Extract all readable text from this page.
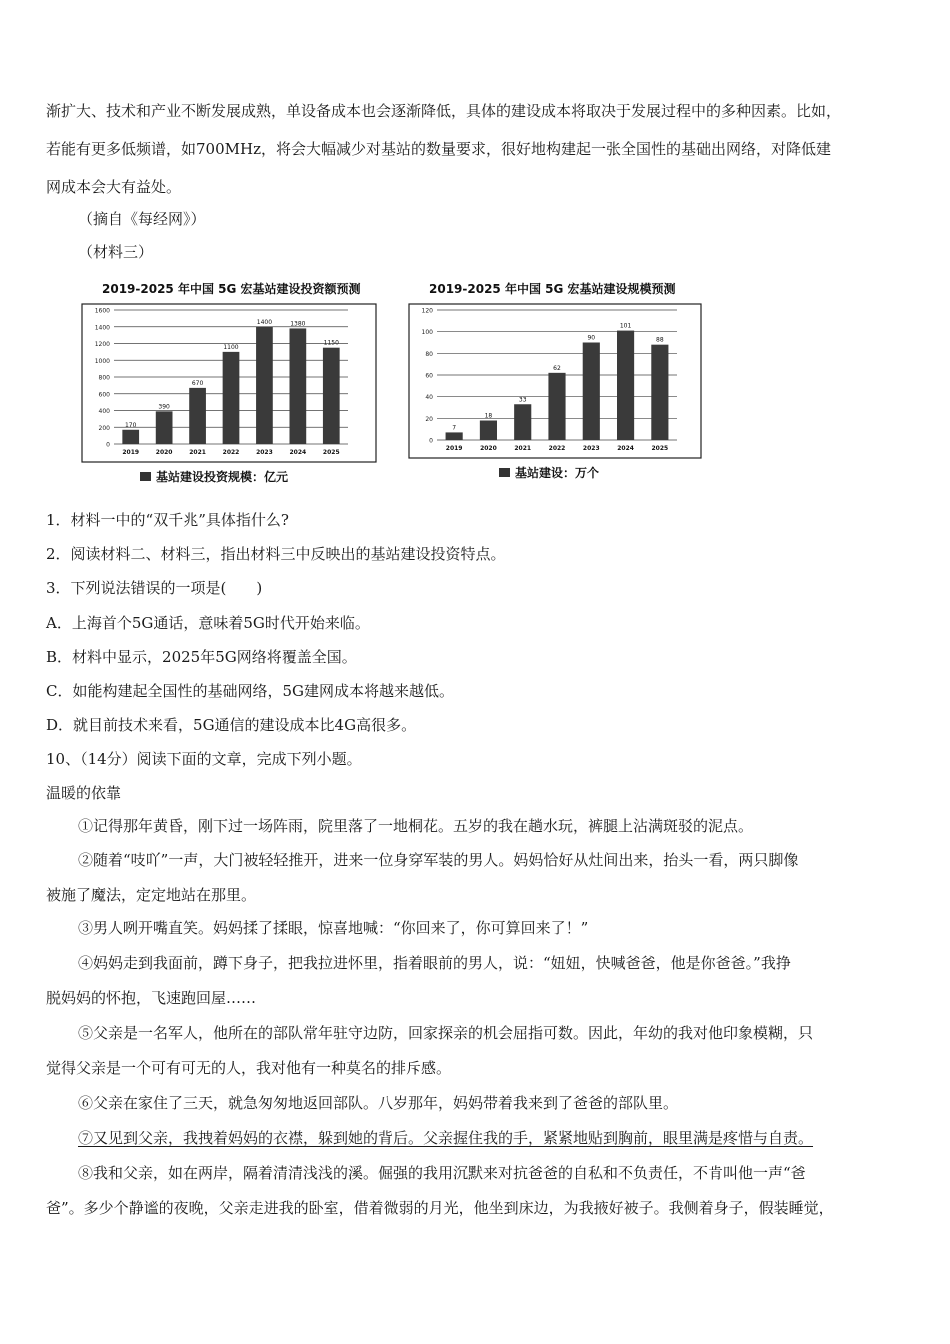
渐扩大、技术和产业不断发展成熟，单设备成本也会逐渐降低，具体的建设成本将取决于发展过程中的多种因素。比如，
若能有更多低频谱，如700MHz，将会大幅减少对基站的数量要求，很好地构建起一张全国性的基础出网络，对降低建
网成本会大有益处。
（摘自《每经网》）
（材料三）
2019-2025 年中国 5G 宏基站建设投资额预测
0
200
400
600
800
1000
1200
1400
1600
170
2019
390
2020
670
2021
1100
2022
1400
2023
1380
2024
1150
2025
基站建设投资规模：亿元
2019-2025 年中国 5G 宏基站建设规模预测
0
20
40
60
80
100
120
7
2019
18
2020
33
2021
62
2022
90
2023
101
2024
88
2025
基站建设：万个
1．材料一中的“双千兆”具体指什么?
2．阅读材料二、材料三，指出材料三中反映出的基站建设投资特点。
3．下列说法错误的一项是(　　)
A．上海首个5G通话，意味着5G时代开始来临。
B．材料中显示，2025年5G网络将覆盖全国。
C．如能构建起全国性的基础网络，5G建网成本将越来越低。
D．就目前技术来看，5G通信的建设成本比4G高很多。
10、（14分）阅读下面的文章，完成下列小题。
温暖的依靠
①记得那年黄昏，刚下过一场阵雨，院里落了一地桐花。五岁的我在趟水玩，裤腿上沾满斑驳的泥点。
②随着“吱吖”一声，大门被轻轻推开，进来一位身穿军装的男人。妈妈恰好从灶间出来，抬头一看，两只脚像
被施了魔法，定定地站在那里。
③男人咧开嘴直笑。妈妈揉了揉眼，惊喜地喊：“你回来了，你可算回来了！”
④妈妈走到我面前，蹲下身子，把我拉进怀里，指着眼前的男人，说：“妞妞，快喊爸爸，他是你爸爸。”我挣
脱妈妈的怀抱，飞速跑回屋……
⑤父亲是一名军人，他所在的部队常年驻守边防，回家探亲的机会屈指可数。因此，年幼的我对他印象模糊，只
觉得父亲是一个可有可无的人，我对他有一种莫名的排斥感。
⑥父亲在家住了三天，就急匆匆地返回部队。八岁那年，妈妈带着我来到了爸爸的部队里。
⑦又见到父亲，我拽着妈妈的衣襟，躲到她的背后。父亲握住我的手，紧紧地贴到胸前，眼里满是疼惜与自责。
⑧我和父亲，如在两岸，隔着清清浅浅的溪。倔强的我用沉默来对抗爸爸的自私和不负责任，不肯叫他一声“爸
爸”。多少个静谧的夜晚，父亲走进我的卧室，借着微弱的月光，他坐到床边，为我掖好被子。我侧着身子，假装睡觉，
